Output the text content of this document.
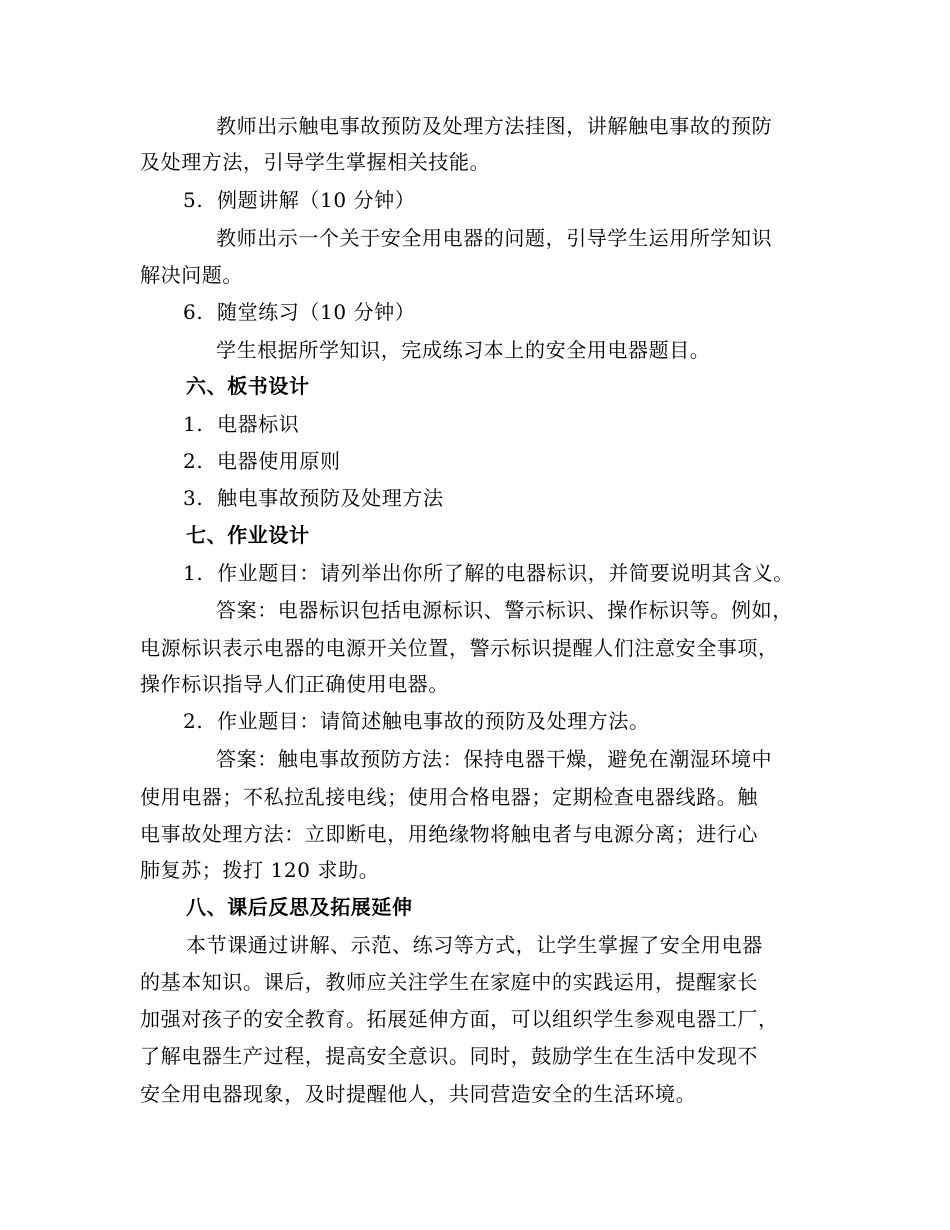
教师出示触电事故预防及处理方法挂图，讲解触电事故的预防
及处理方法，引导学生掌握相关技能。
5. 例题讲解（10 分钟）
教师出示一个关于安全用电器的问题，引导学生运用所学知识
解决问题。
6. 随堂练习（10 分钟）
学生根据所学知识，完成练习本上的安全用电器题目。
六、板书设计
1. 电器标识
2. 电器使用原则
3. 触电事故预防及处理方法
七、作业设计
1. 作业题目：请列举出你所了解的电器标识，并简要说明其含义。
答案：电器标识包括电源标识、警示标识、操作标识等。例如，
电源标识表示电器的电源开关位置，警示标识提醒人们注意安全事项，
操作标识指导人们正确使用电器。
2. 作业题目：请简述触电事故的预防及处理方法。
答案：触电事故预防方法：保持电器干燥，避免在潮湿环境中
使用电器；不私拉乱接电线；使用合格电器；定期检查电器线路。触
电事故处理方法：立即断电，用绝缘物将触电者与电源分离；进行心
肺复苏；拨打 120 求助。
八、课后反思及拓展延伸
本节课通过讲解、示范、练习等方式，让学生掌握了安全用电器
的基本知识。课后，教师应关注学生在家庭中的实践运用，提醒家长
加强对孩子的安全教育。拓展延伸方面，可以组织学生参观电器工厂，
了解电器生产过程，提高安全意识。同时，鼓励学生在生活中发现不
安全用电器现象，及时提醒他人，共同营造安全的生活环境。
